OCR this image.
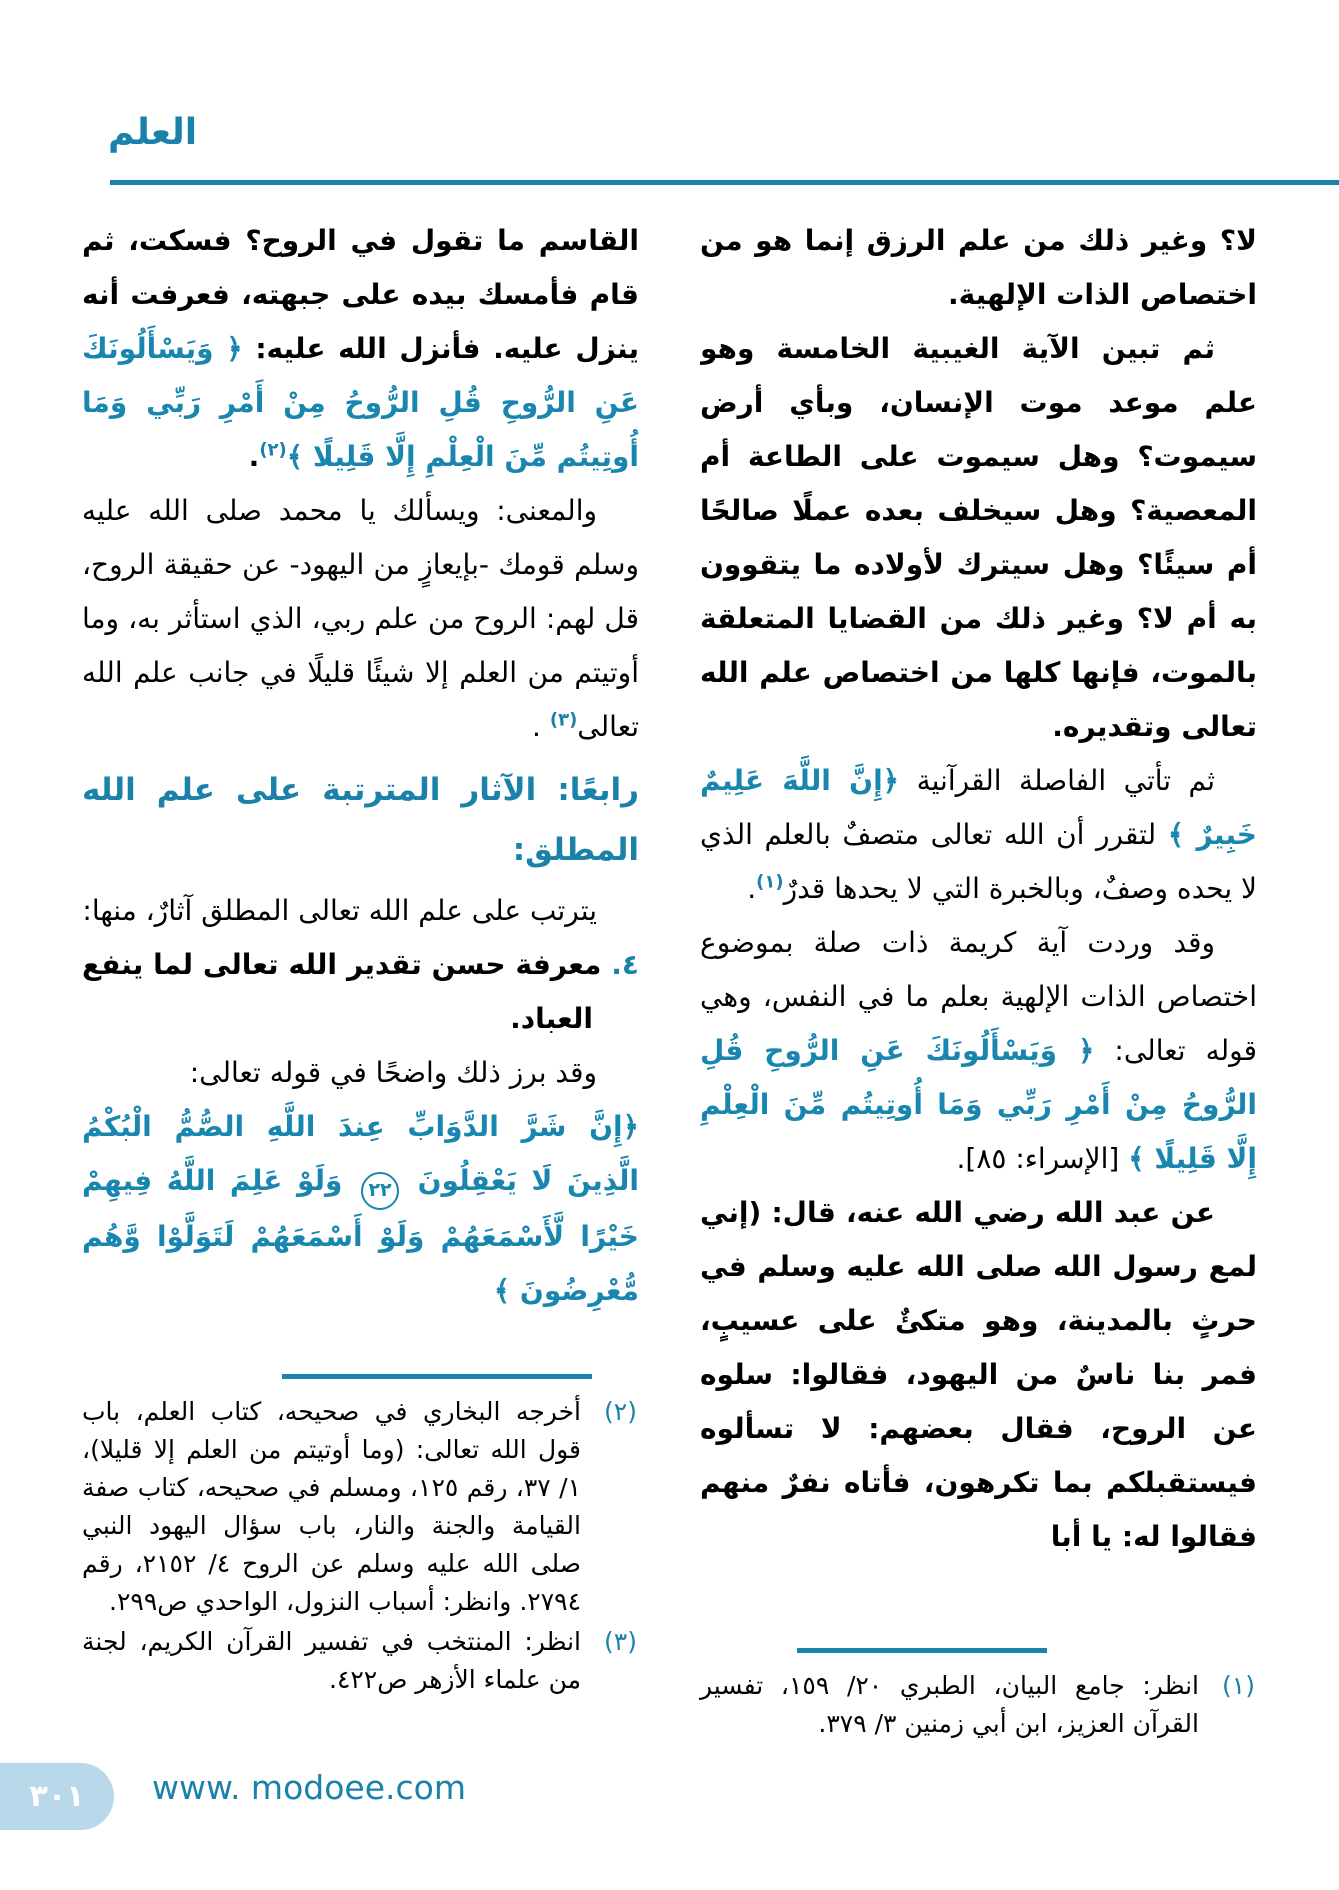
العلم

لا؟ وغير ذلك من علم الرزق إنما هو من اختصاص الذات الإلهية.

ثم تبين الآية الغيبية الخامسة وهو علم موعد موت الإنسان، وبأي أرض سيموت؟ وهل سيموت على الطاعة أم المعصية؟ وهل سيخلف بعده عملًا صالحًا أم سيئًا؟ وهل سيترك لأولاده ما يتقوون به أم لا؟ وغير ذلك من القضايا المتعلقة بالموت، فإنها كلها من اختصاص علم الله تعالى وتقديره.

ثم تأتي الفاصلة القرآنية ﴿إِنَّ اللَّهَ عَلِيمٌ خَبِيرٌ ﴾ لتقرر أن الله تعالى متصفٌ بالعلم الذي لا يحده وصفٌ، وبالخبرة التي لا يحدها قدرٌ$^{(١)}$.

وقد وردت آية كريمة ذات صلة بموضوع اختصاص الذات الإلهية بعلم ما في النفس، وهي قوله تعالى: ﴿ وَيَسْأَلُونَكَ عَنِ الرُّوحِ قُلِ الرُّوحُ مِنْ أَمْرِ رَبِّي وَمَا أُوتِيتُم مِّنَ الْعِلْمِ إِلَّا قَلِيلًا ﴾ [الإسراء: ٨٥].

عن عبد الله رضي الله عنه، قال: (إني لمع رسول الله صلى الله عليه وسلم في حرثٍ بالمدينة، وهو متكئٌ على عسيبٍ، فمر بنا ناسٌ من اليهود، فقالوا: سلوه عن الروح، فقال بعضهم: لا تسألوه فيستقبلكم بما تكرهون، فأتاه نفرٌ منهم فقالوا له: يا أبا

القاسم ما تقول في الروح؟ فسكت، ثم قام فأمسك بيده على جبهته، فعرفت أنه ينزل عليه. فأنزل الله عليه: ﴿ وَيَسْأَلُونَكَ عَنِ الرُّوحِ قُلِ الرُّوحُ مِنْ أَمْرِ رَبِّي وَمَا أُوتِيتُم مِّنَ الْعِلْمِ إِلَّا قَلِيلًا ﴾$^{(٢)}$.

والمعنى: ويسألك يا محمد صلى الله عليه وسلم قومك -بإيعازٍ من اليهود- عن حقيقة الروح، قل لهم: الروح من علم ربي، الذي استأثر به، وما أوتيتم من العلم إلا شيئًا قليلًا في جانب علم الله تعالى$^{(٣)}$ .

رابعًا: الآثار المترتبة على علم الله المطلق:

يترتب على علم الله تعالى المطلق آثارٌ، منها:

٤. معرفة حسن تقدير الله تعالى لما ينفع العباد.

وقد برز ذلك واضحًا في قوله تعالى:

﴿إِنَّ شَرَّ الدَّوَابِّ عِندَ اللَّهِ الصُّمُّ الْبُكْمُ الَّذِينَ لَا يَعْقِلُونَ ٢٢ وَلَوْ عَلِمَ اللَّهُ فِيهِمْ خَيْرًا لَّأَسْمَعَهُمْ وَلَوْ أَسْمَعَهُمْ لَتَوَلَّوْا وَّهُم مُّعْرِضُونَ ﴾

(١)
انظر: جامع البيان، الطبري ٢٠/ ١٥٩، تفسير القرآن العزيز، ابن أبي زمنين ٣/ ٣٧٩.
(٢)
أخرجه البخاري في صحيحه، كتاب العلم، باب قول الله تعالى: (وما أوتيتم من العلم إلا قليلا)، ١/ ٣٧، رقم ١٢٥، ومسلم في صحيحه، كتاب صفة القيامة والجنة والنار، باب سؤال اليهود النبي صلى الله عليه وسلم عن الروح ٤/ ٢١٥٢، رقم ٢٧٩٤. وانظر: أسباب النزول، الواحدي ص٢٩٩.
(٣)
انظر: المنتخب في تفسير القرآن الكريم، لجنة من علماء الأزهر ص٤٢٢.
٣٠١	www. modoee.com
